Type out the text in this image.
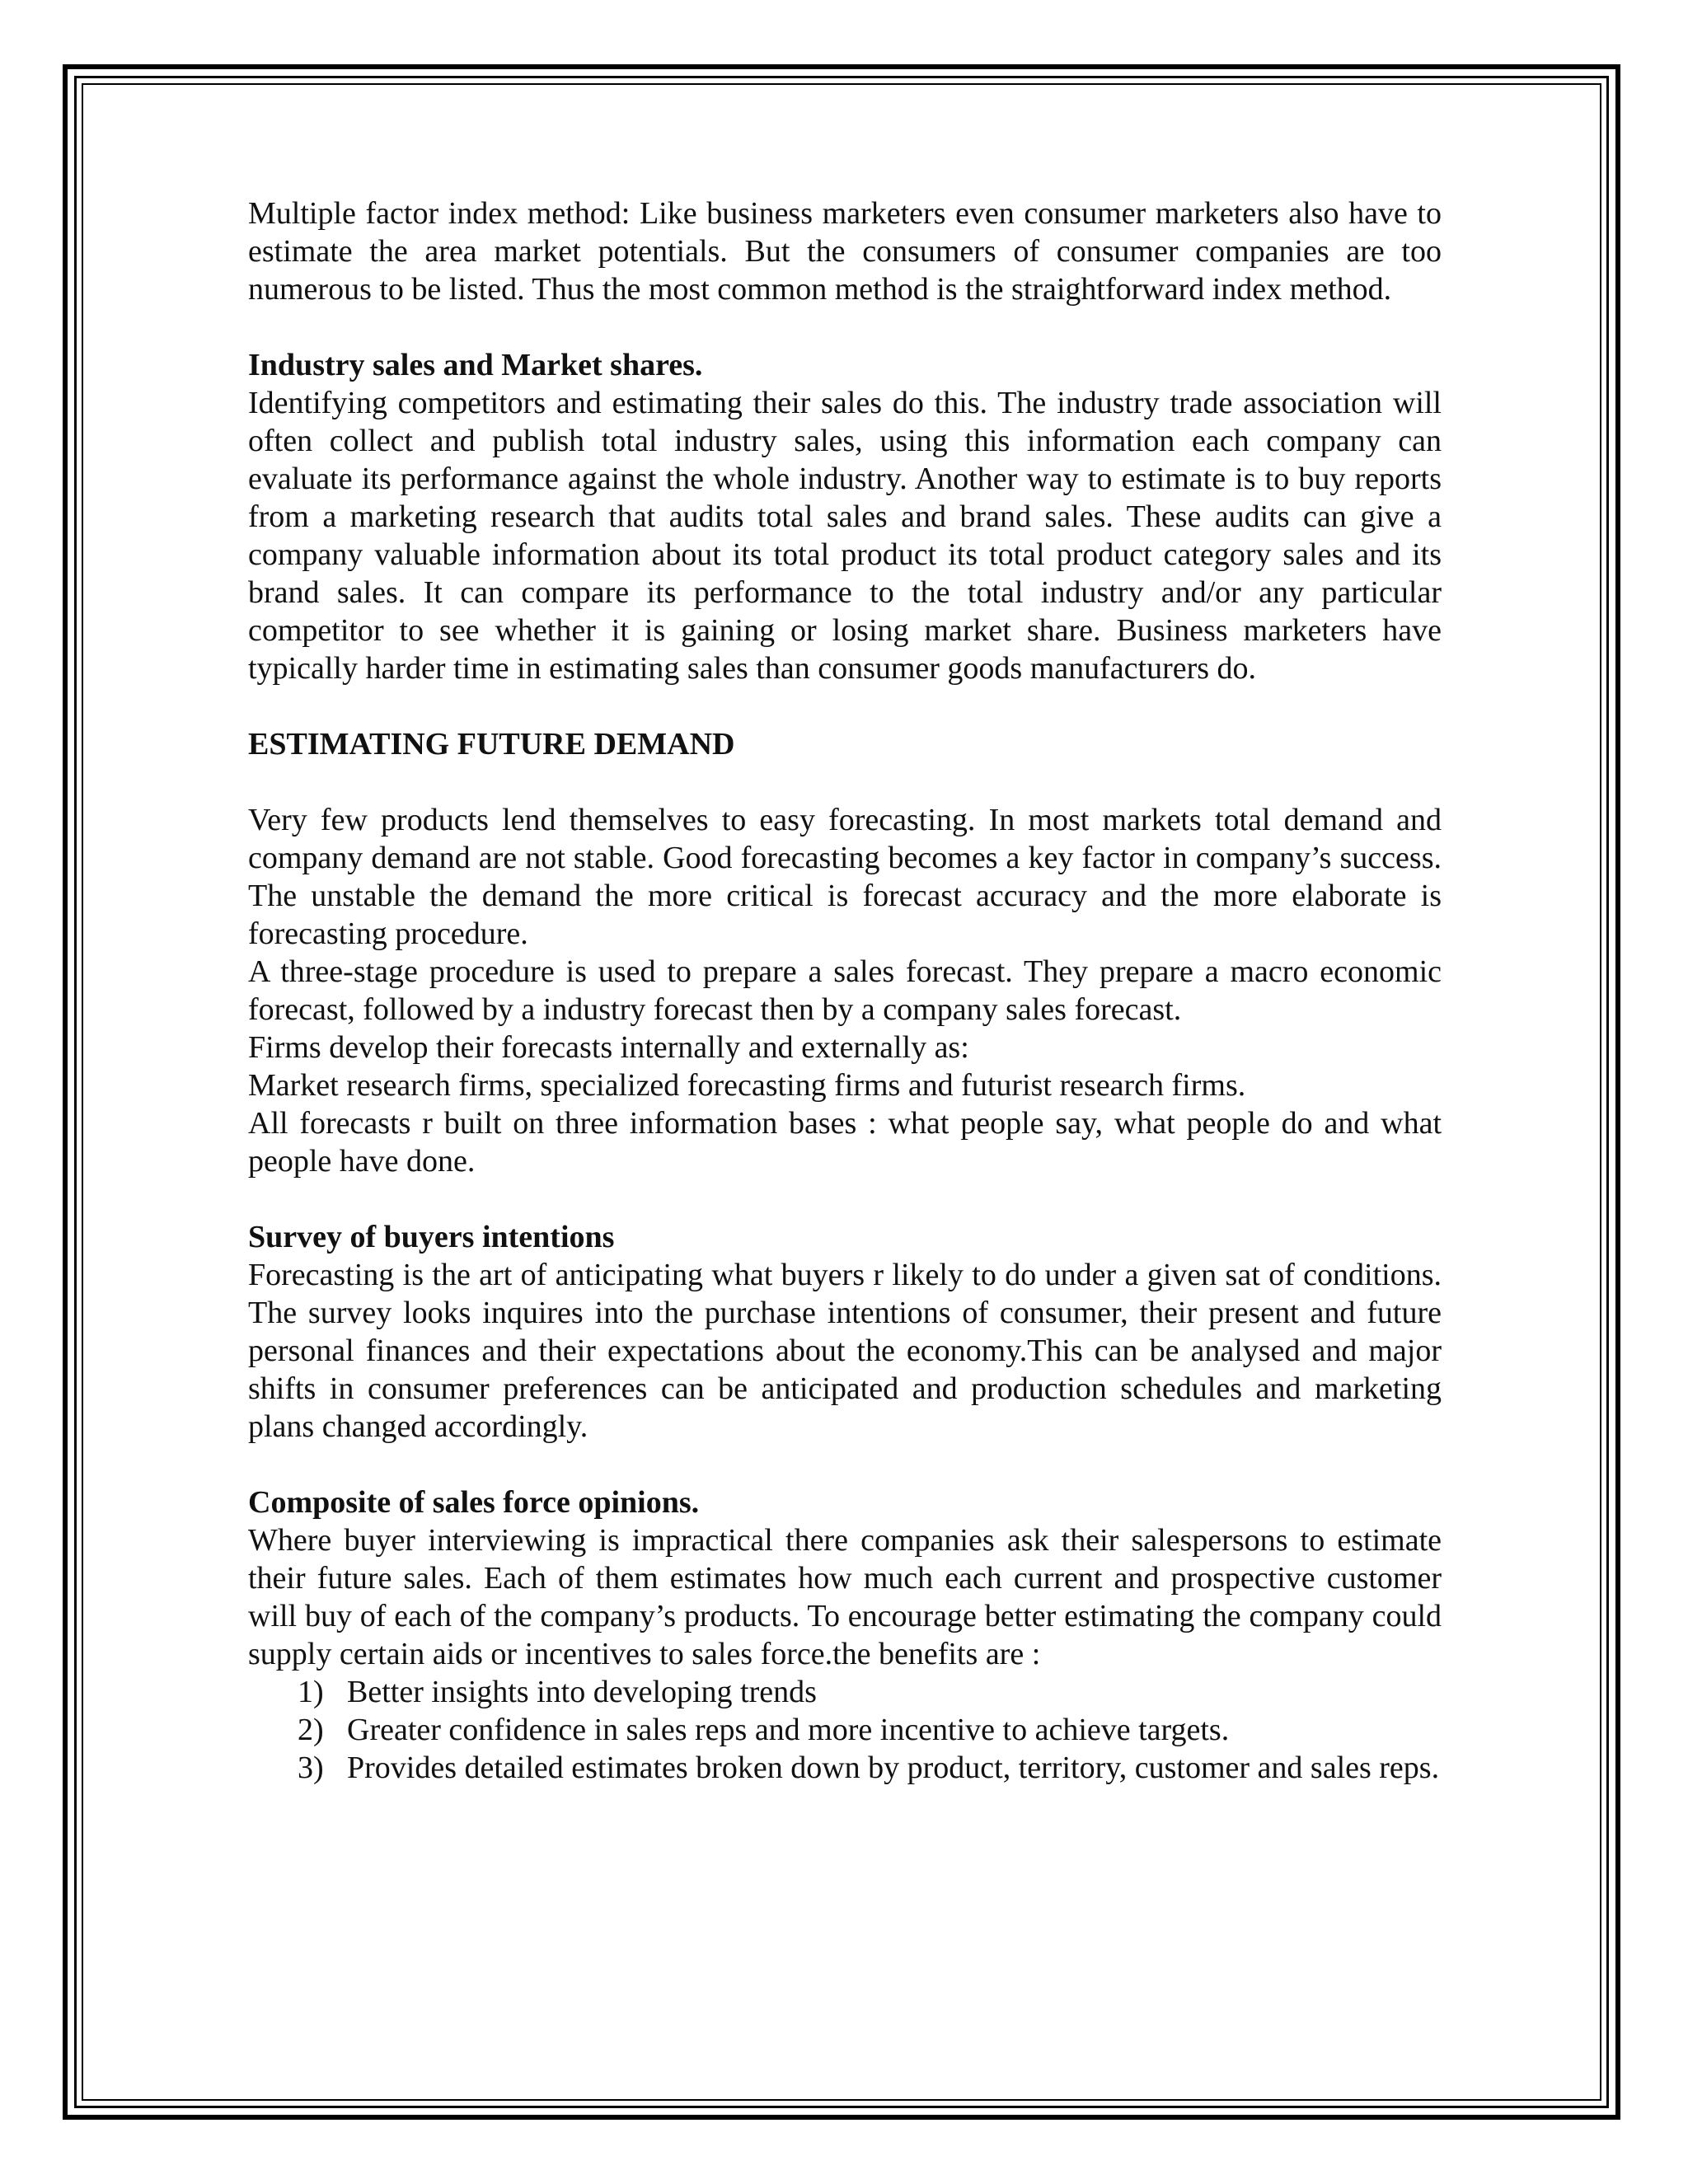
Multiple factor index method: Like business marketers even consumer marketers also have to estimate the area market potentials. But the consumers of consumer companies are too numerous to be listed. Thus the most common method is the straightforward index method.

Industry sales and Market shares.

Identifying competitors and estimating their sales do this. The industry trade association will often collect and publish total industry sales, using this information each company can evaluate its performance against the whole industry. Another way to estimate is to buy reports from a marketing research that audits total sales and brand sales. These audits can give a company valuable information about its total product its total product category sales and its brand sales. It can compare its performance to the total industry and/or any particular competitor to see whether it is gaining or losing market share. Business marketers have typically harder time in estimating sales than consumer goods manufacturers do.

ESTIMATING FUTURE DEMAND

Very few products lend themselves to easy forecasting. In most markets total demand and company demand are not stable. Good forecasting becomes a key factor in company’s success. The unstable the demand the more critical is forecast accuracy and the more elaborate is forecasting procedure.

A three-stage procedure is used to prepare a sales forecast. They prepare a macro economic forecast, followed by a industry forecast then by a company sales forecast.

Firms develop their forecasts internally and externally as:

Market research firms, specialized forecasting firms and futurist research firms.

All forecasts r built on three information bases : what people say, what people do and what people have done.

Survey of buyers intentions

Forecasting is the art of anticipating what buyers r likely to do under a given sat of conditions. The survey looks inquires into the purchase intentions of consumer, their present and future personal finances and their expectations about the economy.This can be analysed and major shifts in consumer preferences can be anticipated and production schedules and marketing plans changed accordingly.

Composite of sales force opinions.

Where buyer interviewing is impractical there companies ask their salespersons to estimate their future sales. Each of them estimates how much each current and prospective customer will buy of each of the company’s products. To encourage better estimating the company could supply certain aids or incentives to sales force.the benefits are :

1) Better insights into developing trends
2) Greater confidence in sales reps and more incentive to achieve targets.
3) Provides detailed estimates broken down by product, territory, customer and sales reps.
